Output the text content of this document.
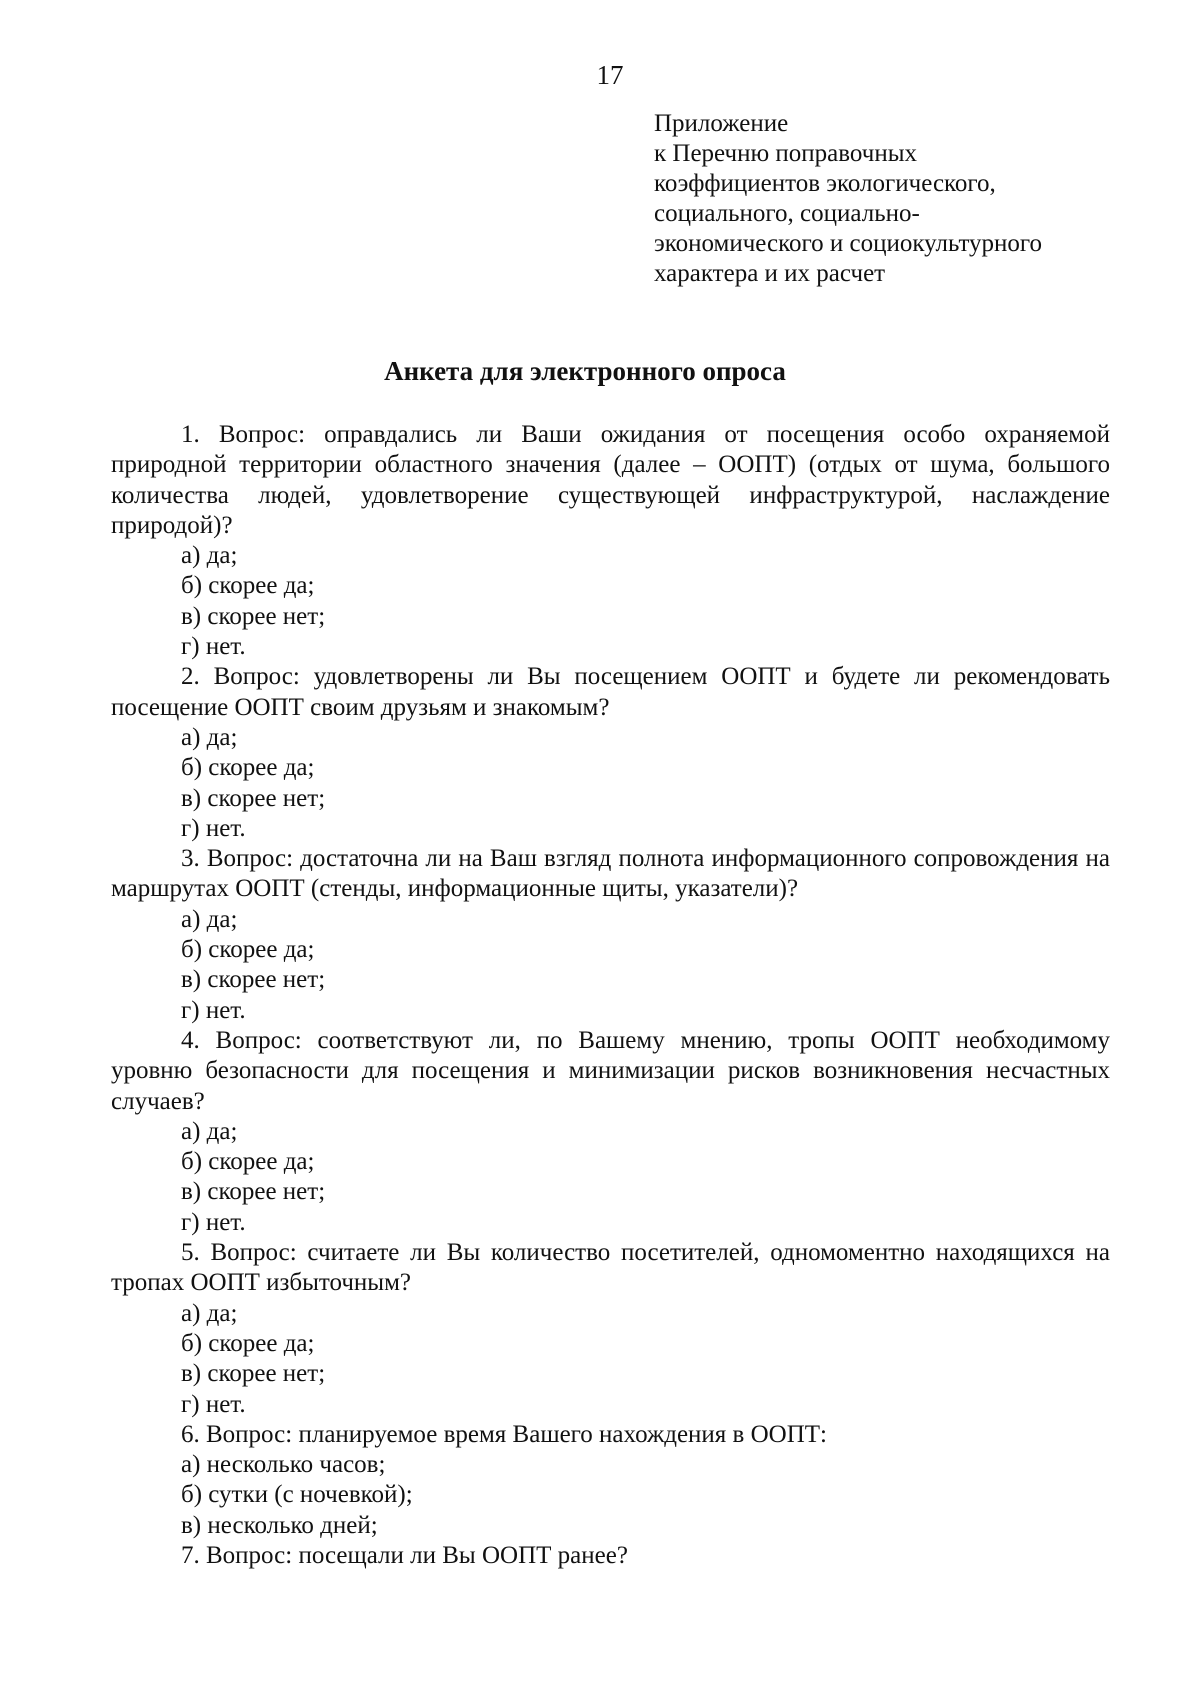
17
Приложение
к Перечню поправочных
коэффициентов экологического,
социального, социально-
экономического и социокультурного
характера и их расчет
Анкета для электронного опроса

1. Вопрос: оправдались ли Ваши ожидания от посещения особо охраняемой природной территории областного значения (далее – ООПТ) (отдых от шума, большого количества людей, удовлетворение существующей инфраструктурой, наслаждение природой)?

а) да;

б) скорее да;

в) скорее нет;

г) нет.

2. Вопрос: удовлетворены ли Вы посещением ООПТ и будете ли рекомендовать посещение ООПТ своим друзьям и знакомым?

а) да;

б) скорее да;

в) скорее нет;

г) нет.

3. Вопрос: достаточна ли на Ваш взгляд полнота информационного сопровождения на маршрутах ООПТ (стенды, информационные щиты, указатели)?

а) да;

б) скорее да;

в) скорее нет;

г) нет.

4. Вопрос: соответствуют ли, по Вашему мнению, тропы ООПТ необходимому уровню безопасности для посещения и минимизации рисков возникновения несчастных случаев?

а) да;

б) скорее да;

в) скорее нет;

г) нет.

5. Вопрос: считаете ли Вы количество посетителей, одномоментно находящихся на тропах ООПТ избыточным?

а) да;

б) скорее да;

в) скорее нет;

г) нет.

6. Вопрос: планируемое время Вашего нахождения в ООПТ:

а) несколько часов;

б) сутки (с ночевкой);

в) несколько дней;

7. Вопрос: посещали ли Вы ООПТ ранее?
